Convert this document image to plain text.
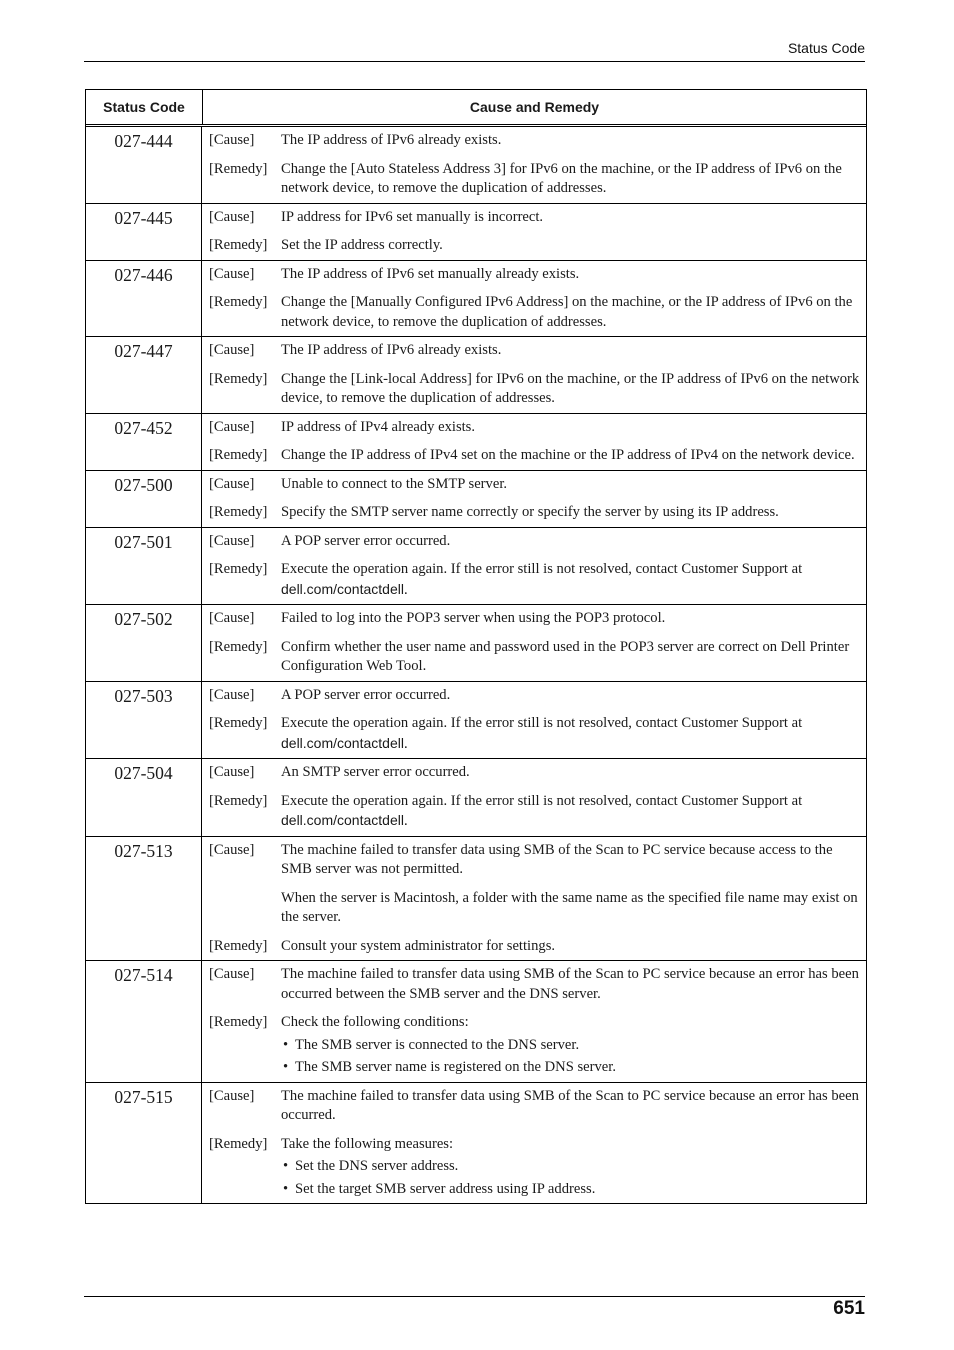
Status Code
Status Code	Cause and Remedy
027-444	[Cause]	The IP address of IPv6 already exists.
[Remedy] Change the [Auto Stateless Address 3] for IPv6 on the machine, or the IP address of IPv6 on the network device, to remove the duplication of addresses.
027-445	[Cause]	IP address for IPv6 set manually is incorrect.
[Remedy] Set the IP address correctly.
027-446	[Cause]	The IP address of IPv6 set manually already exists.
[Remedy] Change the [Manually Configured IPv6 Address] on the machine, or the IP address of IPv6 on the network device, to remove the duplication of addresses.
027-447	[Cause]	The IP address of IPv6 already exists.
[Remedy] Change the [Link-local Address] for IPv6 on the machine, or the IP address of IPv6 on the network device, to remove the duplication of addresses.
027-452	[Cause]	IP address of IPv4 already exists.
[Remedy] Change the IP address of IPv4 set on the machine or the IP address of IPv4 on the network device.
027-500	[Cause]	Unable to connect to the SMTP server.
[Remedy] Specify the SMTP server name correctly or specify the server by using its IP address.
027-501	[Cause]	A POP server error occurred.
[Remedy] Execute the operation again. If the error still is not resolved, contact Customer Support at dell.com/contactdell.
027-502	[Cause]	Failed to log into the POP3 server when using the POP3 protocol.
[Remedy] Confirm whether the user name and password used in the POP3 server are correct on Dell Printer Configuration Web Tool.
027-503	[Cause]	A POP server error occurred.
[Remedy] Execute the operation again. If the error still is not resolved, contact Customer Support at dell.com/contactdell.
027-504	[Cause]	An SMTP server error occurred.
[Remedy] Execute the operation again. If the error still is not resolved, contact Customer Support at dell.com/contactdell.
027-513	[Cause]	The machine failed to transfer data using SMB of the Scan to PC service because access to the SMB server was not permitted.
When the server is Macintosh, a folder with the same name as the specified file name may exist on the server.
[Remedy] Consult your system administrator for settings.
027-514	[Cause]	The machine failed to transfer data using SMB of the Scan to PC service because an error has been occurred between the SMB server and the DNS server.
[Remedy] Check the following conditions:
• The SMB server is connected to the DNS server.
• The SMB server name is registered on the DNS server.
027-515	[Cause]	The machine failed to transfer data using SMB of the Scan to PC service because an error has been occurred.
[Remedy] Take the following measures:
• Set the DNS server address.
• Set the target SMB server address using IP address.
651
